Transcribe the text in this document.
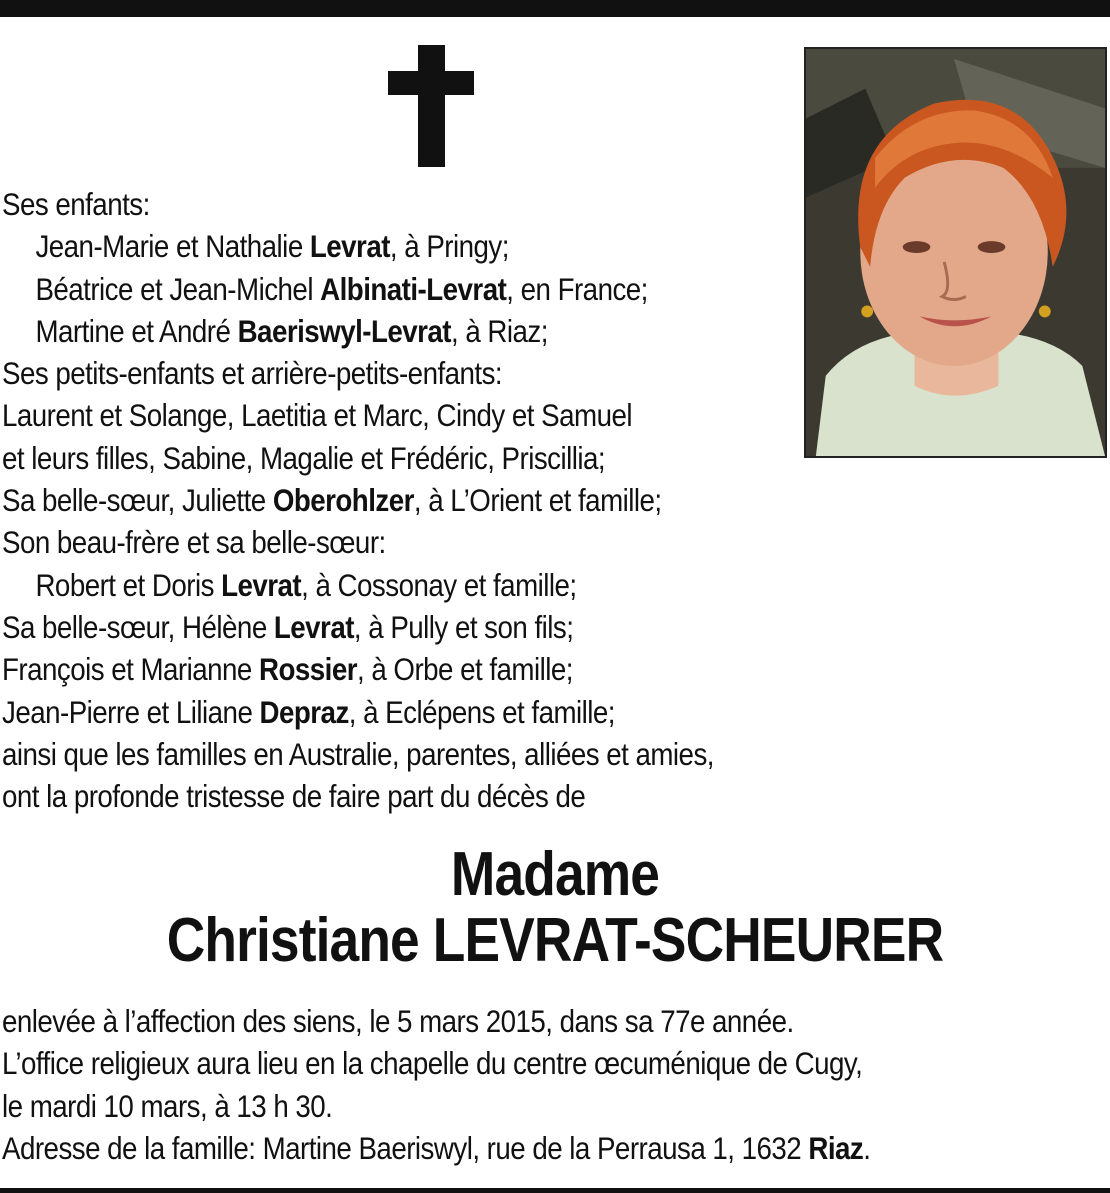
Ses enfants:
Jean-Marie et Nathalie Levrat, à Pringy;
Béatrice et Jean-Michel Albinati-Levrat, en France;
Martine et André Baeriswyl-Levrat, à Riaz;
Ses petits-enfants et arrière-petits-enfants:
Laurent et Solange, Laetitia et Marc, Cindy et Samuel
et leurs filles, Sabine, Magalie et Frédéric, Priscillia;
Sa belle-sœur, Juliette Oberohlzer, à L’Orient et famille;
Son beau-frère et sa belle-sœur:
Robert et Doris Levrat, à Cossonay et famille;
Sa belle-sœur, Hélène Levrat, à Pully et son fils;
François et Marianne Rossier, à Orbe et famille;
Jean-Pierre et Liliane Depraz, à Eclépens et famille;
ainsi que les familles en Australie, parentes, alliées et amies,
ont la profonde tristesse de faire part du décès de
Madame
Christiane LEVRAT-SCHEURER
enlevée à l’affection des siens, le 5 mars 2015, dans sa 77e année.
L’office religieux aura lieu en la chapelle du centre œcuménique de Cugy,
le mardi 10 mars, à 13 h 30.
Adresse de la famille: Martine Baeriswyl, rue de la Perrausa 1, 1632 Riaz.
